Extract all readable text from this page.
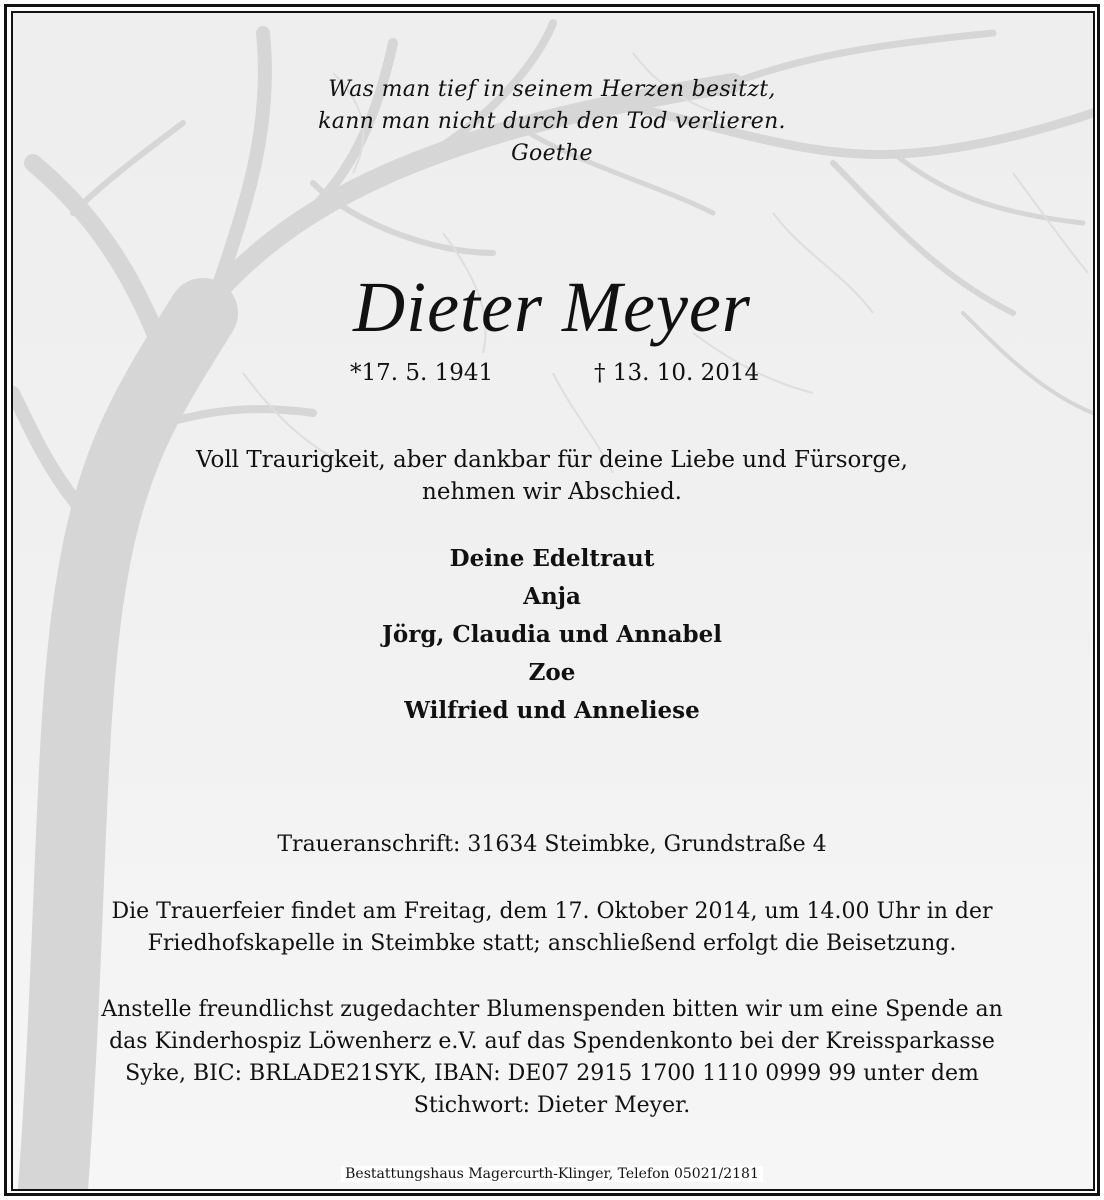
Was man tief in seinem Herzen besitzt,
kann man nicht durch den Tod verlieren.
Goethe
Dieter Meyer
*17. 5. 1941	† 13. 10. 2014
Voll Traurigkeit, aber dankbar für deine Liebe und Fürsorge,
nehmen wir Abschied.
Deine Edeltraut
Anja
Jörg, Claudia und Annabel
Zoe
Wilfried und Anneliese
Traueranschrift: 31634 Steimbke, Grundstraße 4
Die Trauerfeier findet am Freitag, dem 17. Oktober 2014, um 14.00 Uhr in der
Friedhofskapelle in Steimbke statt; anschließend erfolgt die Beisetzung.
Anstelle freundlichst zugedachter Blumenspenden bitten wir um eine Spende an
das Kinderhospiz Löwenherz e.V. auf das Spendenkonto bei der Kreissparkasse
Syke, BIC: BRLADE21SYK, IBAN: DE07 2915 1700 1110 0999 99 unter dem
Stichwort: Dieter Meyer.
Bestattungshaus Magercurth-Klinger, Telefon 05021/2181
